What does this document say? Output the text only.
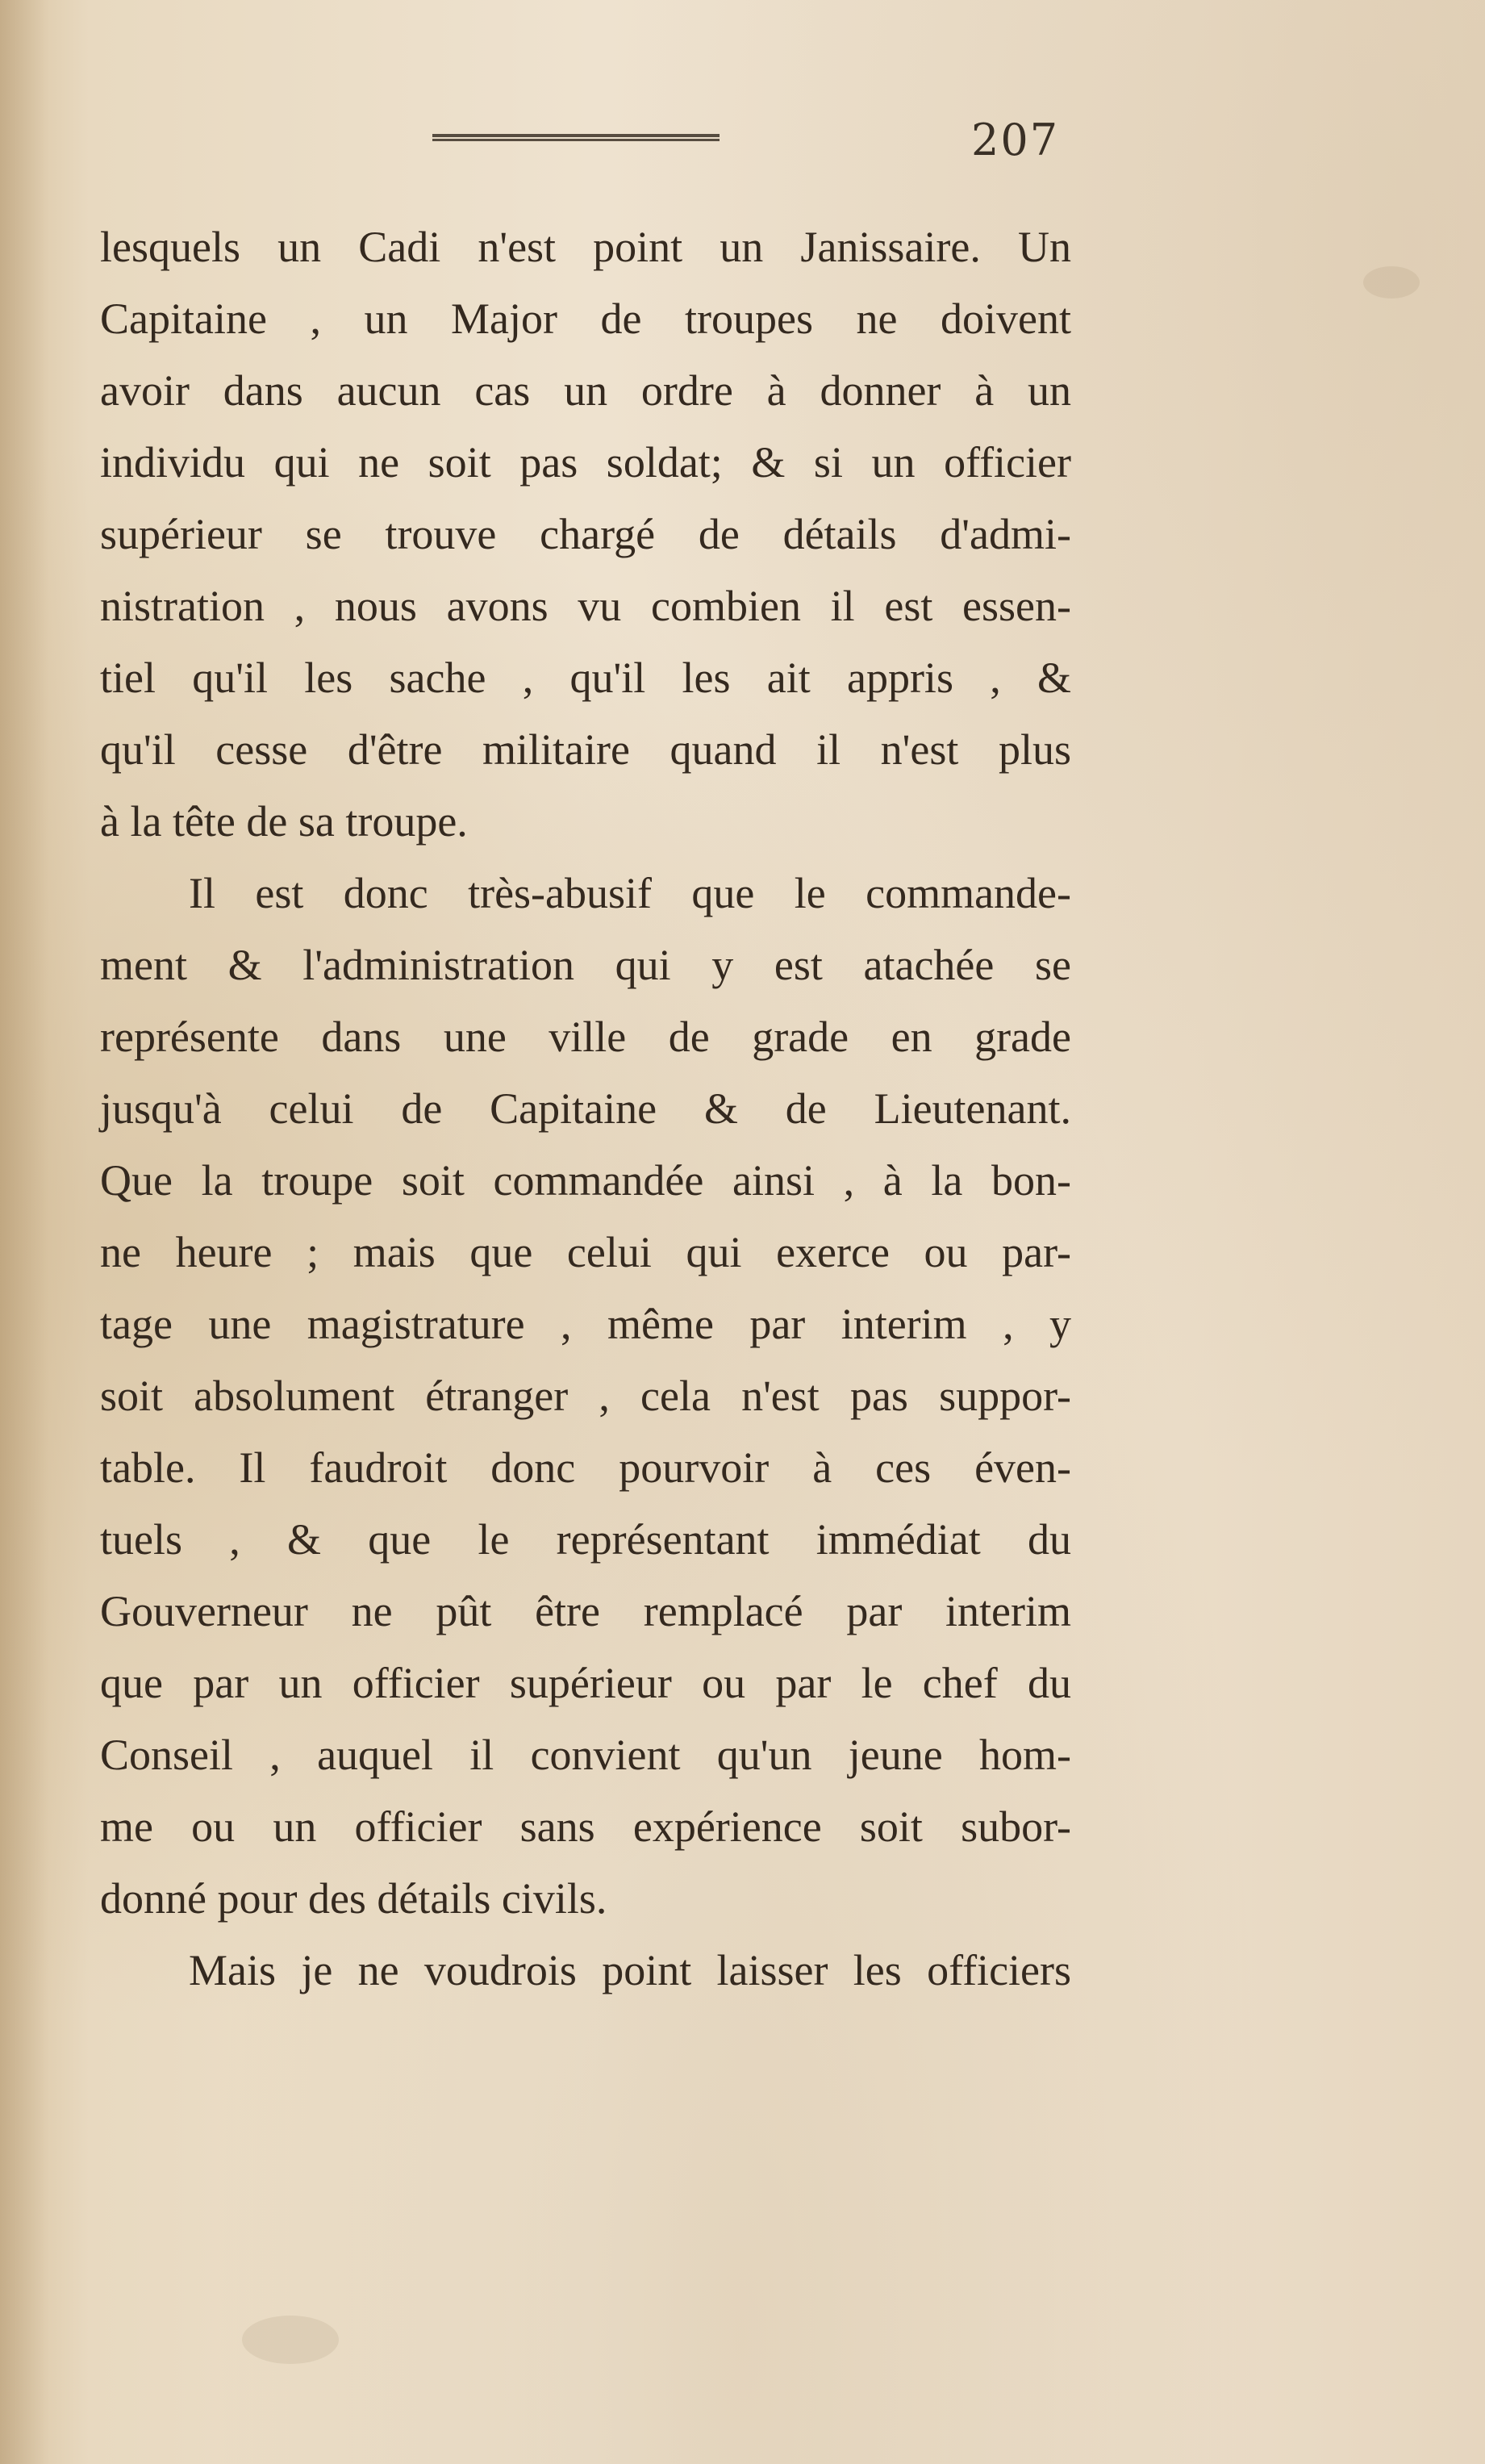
207
lesquels un Cadi n'est point un Janissaire. Un
Capitaine , un Major de troupes ne doivent
avoir dans aucun cas un ordre à donner à un
individu qui ne soit pas soldat; & si un officier
supérieur se trouve chargé de détails d'admi-
nistration , nous avons vu combien il est essen-
tiel qu'il les sache , qu'il les ait appris , &
qu'il cesse d'être militaire quand il n'est plus
à la tête de sa troupe.
Il est donc très-abusif que le commande-
ment & l'administration qui y est atachée se
représente dans une ville de grade en grade
jusqu'à celui de Capitaine & de Lieutenant.
Que la troupe soit commandée ainsi , à la bon-
ne heure ; mais que celui qui exerce ou par-
tage une magistrature , même par interim , y
soit absolument étranger , cela n'est pas suppor-
table. Il faudroit donc pourvoir à ces éven-
tuels , & que le représentant immédiat du
Gouverneur ne pût être remplacé par interim
que par un officier supérieur ou par le chef du
Conseil , auquel il convient qu'un jeune hom-
me ou un officier sans expérience soit subor-
donné pour des détails civils.
Mais je ne voudrois point laisser les officiers
